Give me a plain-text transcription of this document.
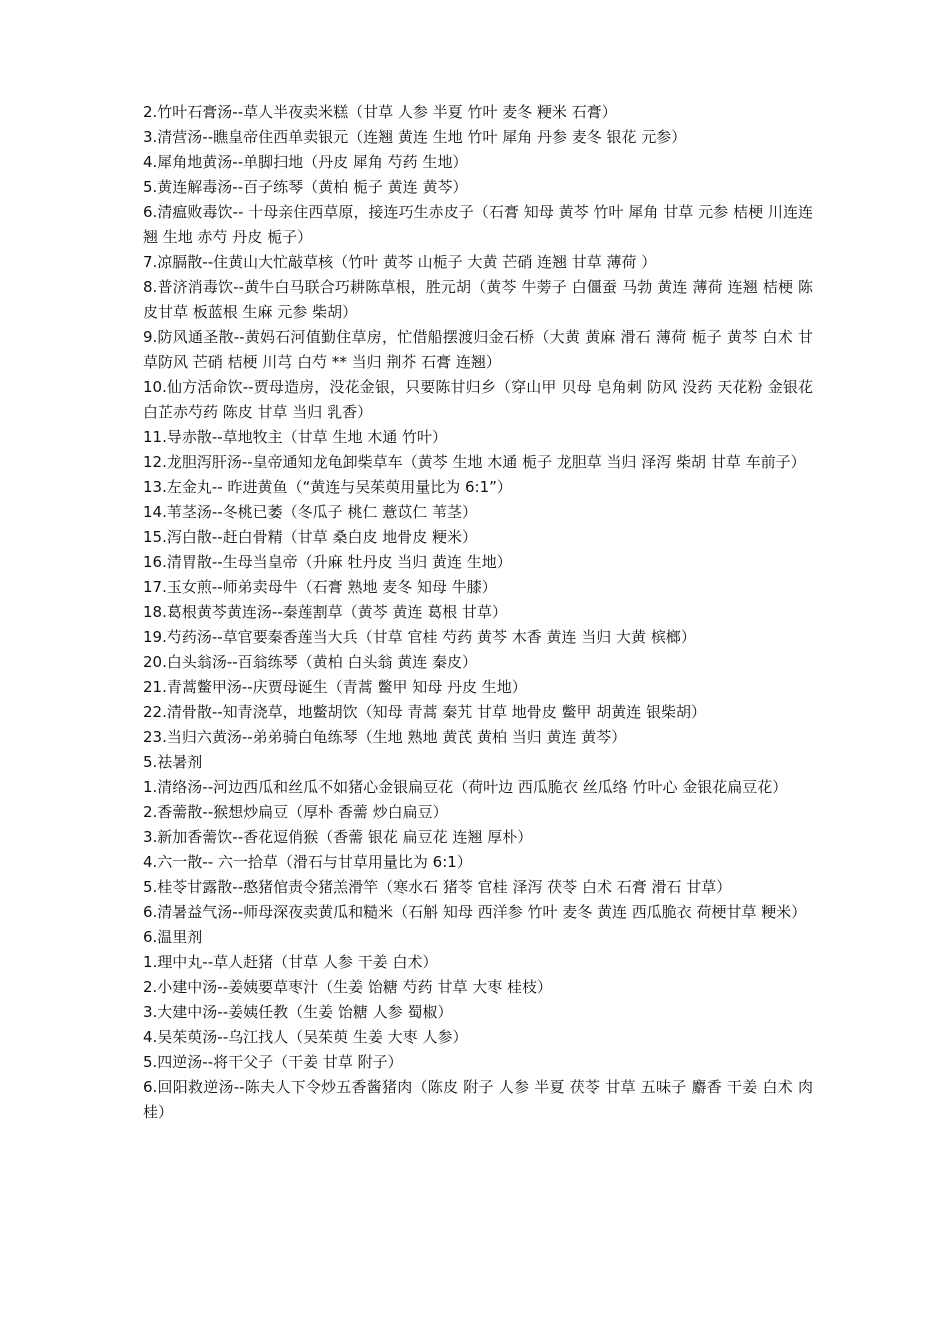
2.竹叶石膏汤--草人半夜卖米糕（甘草 人参 半夏 竹叶 麦冬 粳米 石膏）

3.清营汤--瞧皇帝住西单卖银元（连翘 黄连 生地 竹叶 犀角 丹参 麦冬 银花 元参）

4.犀角地黄汤--单脚扫地（丹皮 犀角 芍药 生地）

5.黄连解毒汤--百子练琴（黄柏 栀子 黄连 黄芩）

6.清瘟败毒饮-- 十母亲住西草原，接连巧生赤皮子（石膏 知母 黄芩 竹叶 犀角 甘草 元参 桔梗 川连连翘 生地 赤芍 丹皮 栀子）

7.凉膈散--住黄山大忙敲草核（竹叶 黄芩 山栀子 大黄 芒硝 连翘 甘草 薄荷 ）

8.普济消毒饮--黄牛白马联合巧耕陈草根，胜元胡（黄芩 牛蒡子 白僵蚕 马勃 黄连 薄荷 连翘 桔梗 陈皮甘草 板蓝根 生麻 元参 柴胡）

9.防风通圣散--黄妈石河值勤住草房，忙借船摆渡归金石桥（大黄 黄麻 滑石 薄荷 栀子 黄芩 白术 甘草防风 芒硝 桔梗 川芎 白芍 ** 当归 荆芥 石膏 连翘）

10.仙方活命饮--贾母造房，没花金银，只要陈甘归乡（穿山甲 贝母 皂角刺 防风 没药 天花粉 金银花 白芷赤芍药 陈皮 甘草 当归 乳香）

11.导赤散--草地牧主（甘草 生地 木通 竹叶）

12.龙胆泻肝汤--皇帝通知龙龟卸柴草车（黄芩 生地 木通 栀子 龙胆草 当归 泽泻 柴胡 甘草 车前子）

13.左金丸-- 昨进黄鱼（“黄连与吴茱萸用量比为 6:1”）

14.苇茎汤--冬桃已萎（冬瓜子 桃仁 薏苡仁 苇茎）

15.泻白散--赶白骨精（甘草 桑白皮 地骨皮 粳米）

16.清胃散--生母当皇帝（升麻 牡丹皮 当归 黄连 生地）

17.玉女煎--师弟卖母牛（石膏 熟地 麦冬 知母 牛膝）

18.葛根黄芩黄连汤--秦莲割草（黄芩 黄连 葛根 甘草）

19.芍药汤--草官要秦香莲当大兵（甘草 官桂 芍药 黄芩 木香 黄连 当归 大黄 槟榔）

20.白头翁汤--百翁练琴（黄柏 白头翁 黄连 秦皮）

21.青蒿鳖甲汤--庆贾母诞生（青蒿 鳖甲 知母 丹皮 生地）

22.清骨散--知青浇草，地鳖胡饮（知母 青蒿 秦艽 甘草 地骨皮 鳖甲 胡黄连 银柴胡）

23.当归六黄汤--弟弟骑白龟练琴（生地 熟地 黄芪 黄柏 当归 黄连 黄芩）

5.祛暑剂

1.清络汤--河边西瓜和丝瓜不如猪心金银扁豆花（荷叶边 西瓜脆衣 丝瓜络 竹叶心 金银花扁豆花）

2.香薷散--猴想炒扁豆（厚朴 香薷 炒白扁豆）

3.新加香薷饮--香花逗俏猴（香薷 银花 扁豆花 连翘 厚朴）

4.六一散-- 六一拾草（滑石与甘草用量比为 6:1）

5.桂苓甘露散--憨猪倌责令猪羔滑竿（寒水石 猪苓 官桂 泽泻 茯苓 白术 石膏 滑石 甘草）

6.清暑益气汤--师母深夜卖黄瓜和糙米（石斛 知母 西洋参 竹叶 麦冬 黄连 西瓜脆衣 荷梗甘草 粳米）

6.温里剂

1.理中丸--草人赶猪（甘草 人参 干姜 白术）

2.小建中汤--姜姨要草枣汁（生姜 饴糖 芍药 甘草 大枣 桂枝）

3.大建中汤--姜姨任教（生姜 饴糖 人参 蜀椒）

4.吴茱萸汤--乌江找人（吴茱萸 生姜 大枣 人参）

5.四逆汤--将干父子（干姜 甘草 附子）

6.回阳救逆汤--陈夫人下令炒五香酱猪肉（陈皮 附子 人参 半夏 茯苓 甘草 五味子 麝香 干姜 白术 肉桂）
